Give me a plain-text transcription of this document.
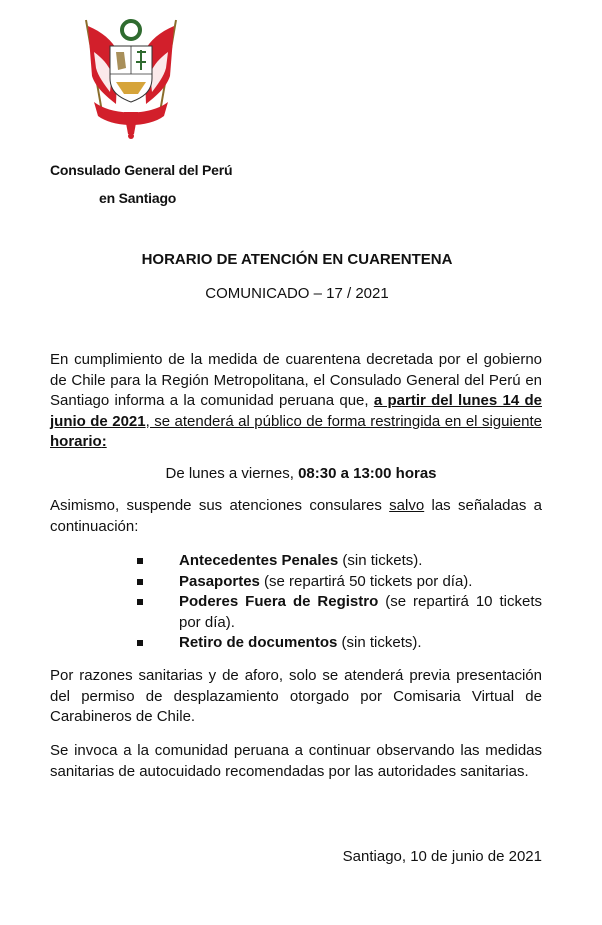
Consulado General del Perú
en Santiago
HORARIO DE ATENCIÓN EN CUARENTENA
COMUNICADO – 17 / 2021

En cumplimiento de la medida de cuarentena decretada por el gobierno de Chile para la Región Metropolitana, el Consulado General del Perú en Santiago informa a la comunidad peruana que, a partir del lunes 14 de junio de 2021, se atenderá al público de forma restringida en el siguiente horario:

De lunes a viernes, 08:30 a 13:00 horas

Asimismo, suspende sus atenciones consulares salvo las señaladas a continuación:

Antecedentes Penales (sin tickets).
Pasaportes (se repartirá 50 tickets por día).
Poderes Fuera de Registro (se repartirá 10 tickets por día).
Retiro de documentos (sin tickets).

Por razones sanitarias y de aforo, solo se atenderá previa presentación del permiso de desplazamiento otorgado por Comisaria Virtual de Carabineros de Chile.

Se invoca a la comunidad peruana a continuar observando las medidas sanitarias de autocuidado recomendadas por las autoridades sanitarias.

Santiago, 10 de junio de 2021
